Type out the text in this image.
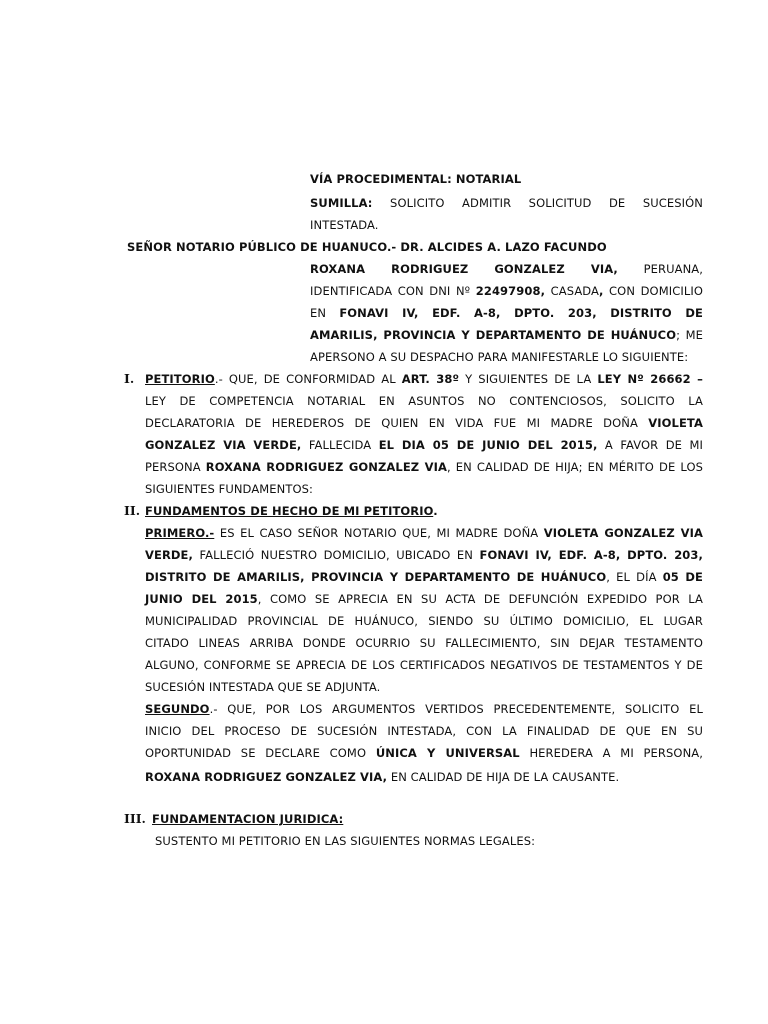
VÍA PROCEDIMENTAL: NOTARIAL
SUMILLA: SOLICITO ADMITIR SOLICITUD DE SUCESIÓN
INTESTADA.
SEÑOR NOTARIO PÚBLICO DE HUANUCO.- DR. ALCIDES A. LAZO FACUNDO
ROXANA RODRIGUEZ GONZALEZ VIA, PERUANA,
IDENTIFICADA CON DNI Nº 22497908, CASADA, CON DOMICILIO
EN FONAVI IV, EDF. A-8, DPTO. 203, DISTRITO DE
AMARILIS, PROVINCIA Y DEPARTAMENTO DE HUÁNUCO; ME
APERSONO A SU DESPACHO PARA MANIFESTARLE LO SIGUIENTE:
I. PETITORIO.- QUE, DE CONFORMIDAD AL ART. 38º Y SIGUIENTES DE LA LEY Nº 26662 –
LEY DE COMPETENCIA NOTARIAL EN ASUNTOS NO CONTENCIOSOS, SOLICITO LA
DECLARATORIA DE HEREDEROS DE QUIEN EN VIDA FUE MI MADRE DOÑA VIOLETA
GONZALEZ VIA VERDE, FALLECIDA EL DIA 05 DE JUNIO DEL 2015, A FAVOR DE MI
PERSONA ROXANA RODRIGUEZ GONZALEZ VIA, EN CALIDAD DE HIJA; EN MÉRITO DE LOS
SIGUIENTES FUNDAMENTOS:
II. FUNDAMENTOS DE HECHO DE MI PETITORIO.
PRIMERO.- ES EL CASO SEÑOR NOTARIO QUE, MI MADRE DOÑA VIOLETA GONZALEZ VIA
VERDE, FALLECIÓ NUESTRO DOMICILIO, UBICADO EN FONAVI IV, EDF. A-8, DPTO. 203,
DISTRITO DE AMARILIS, PROVINCIA Y DEPARTAMENTO DE HUÁNUCO, EL DÍA 05 DE
JUNIO DEL 2015, COMO SE APRECIA EN SU ACTA DE DEFUNCIÓN EXPEDIDO POR LA
MUNICIPALIDAD PROVINCIAL DE HUÁNUCO, SIENDO SU ÚLTIMO DOMICILIO, EL LUGAR
CITADO LINEAS ARRIBA DONDE OCURRIO SU FALLECIMIENTO, SIN DEJAR TESTAMENTO
ALGUNO, CONFORME SE APRECIA DE LOS CERTIFICADOS NEGATIVOS DE TESTAMENTOS Y DE
SUCESIÓN INTESTADA QUE SE ADJUNTA.
SEGUNDO.- QUE, POR LOS ARGUMENTOS VERTIDOS PRECEDENTEMENTE, SOLICITO EL
INICIO DEL PROCESO DE SUCESIÓN INTESTADA, CON LA FINALIDAD DE QUE EN SU
OPORTUNIDAD SE DECLARE COMO ÚNICA Y UNIVERSAL HEREDERA A MI PERSONA,
ROXANA RODRIGUEZ GONZALEZ VIA, EN CALIDAD DE HIJA DE LA CAUSANTE.
III. FUNDAMENTACION JURIDICA:
SUSTENTO MI PETITORIO EN LAS SIGUIENTES NORMAS LEGALES:
